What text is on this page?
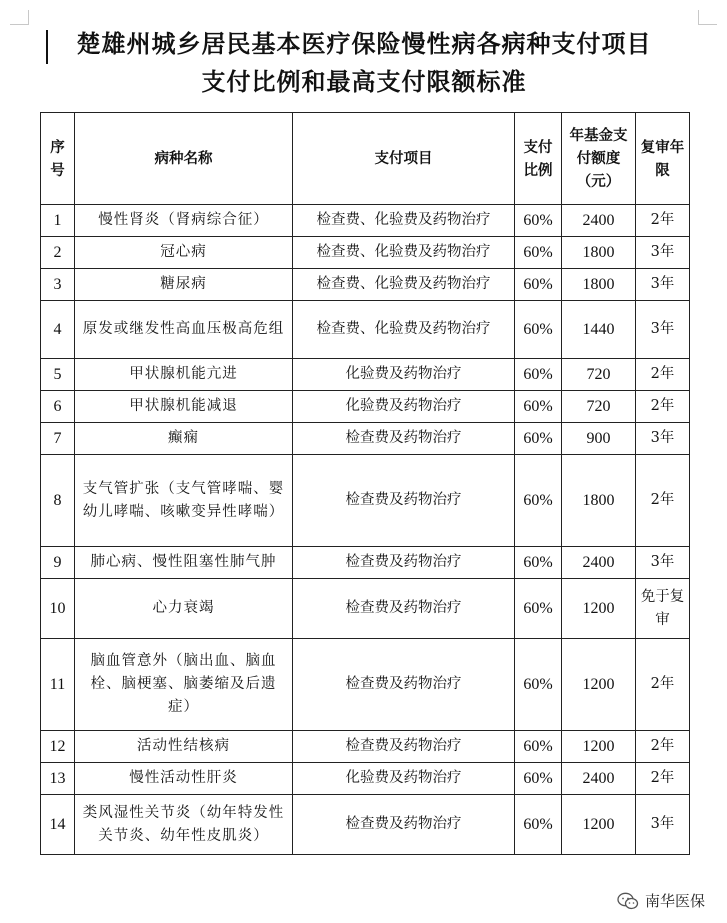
楚雄州城乡居民基本医疗保险慢性病各病种支付项目
支付比例和最高支付限额标准
序号	病种名称	支付项目	支付比例	年基金支付额度（元）	复审年限
1	慢性肾炎（肾病综合征）	检查费、化验费及药物治疗	60%	2400	2年
2	冠心病	检查费、化验费及药物治疗	60%	1800	3年
3	糖尿病	检查费、化验费及药物治疗	60%	1800	3年
4	原发或继发性高血压极高危组	检查费、化验费及药物治疗	60%	1440	3年
5	甲状腺机能亢进	化验费及药物治疗	60%	720	2年
6	甲状腺机能减退	化验费及药物治疗	60%	720	2年
7	癫痫	检查费及药物治疗	60%	900	3年
8	支气管扩张（支气管哮喘、婴幼儿哮喘、咳嗽变异性哮喘）	检查费及药物治疗	60%	1800	2年
9	肺心病、慢性阻塞性肺气肿	检查费及药物治疗	60%	2400	3年
10	心力衰竭	检查费及药物治疗	60%	1200	免于复审
11	脑血管意外（脑出血、脑血栓、脑梗塞、脑萎缩及后遗症）	检查费及药物治疗	60%	1200	2年
12	活动性结核病	检查费及药物治疗	60%	1200	2年
13	慢性活动性肝炎	化验费及药物治疗	60%	2400	2年
14	类风湿性关节炎（幼年特发性关节炎、幼年性皮肌炎）	检查费及药物治疗	60%	1200	3年
南华医保
